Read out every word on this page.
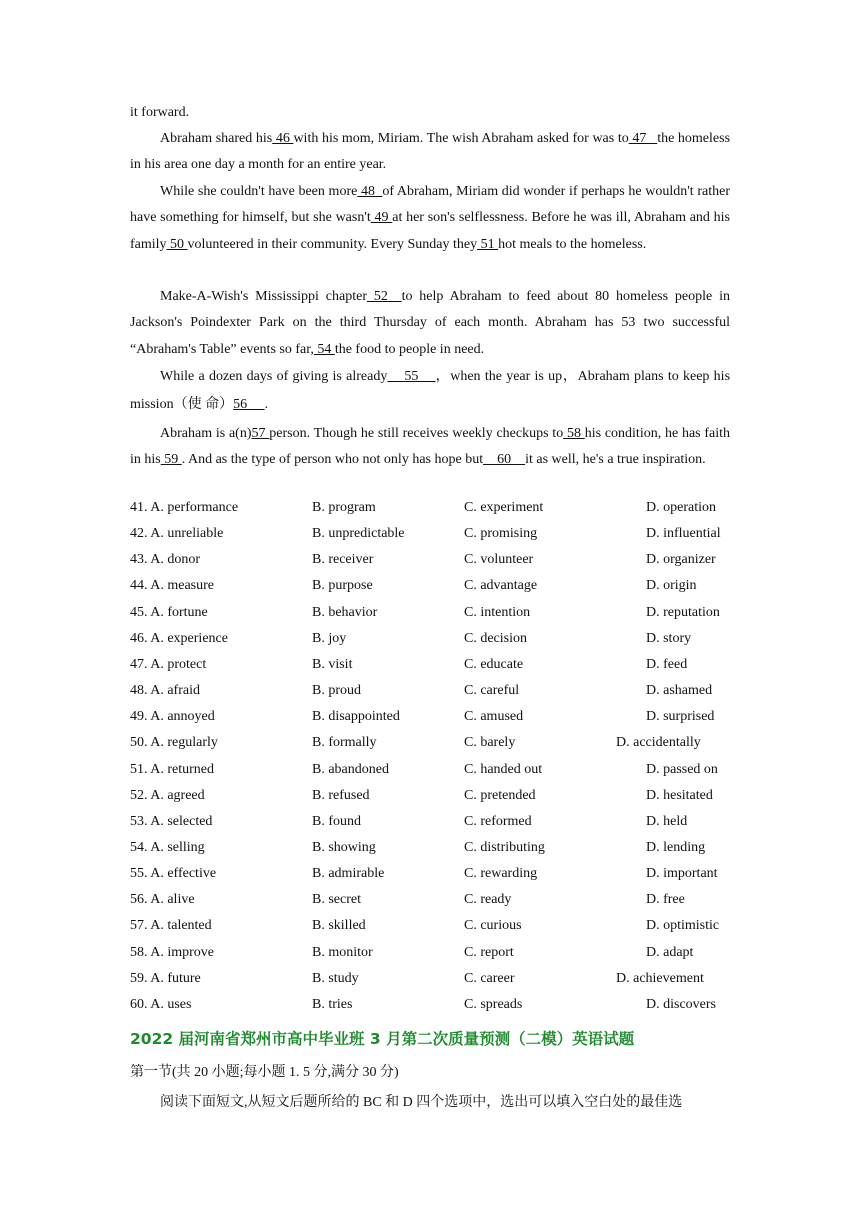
it forward.
Abraham shared his 46 with his mom, Miriam. The wish Abraham asked for was to 47   the homeless in his area one day a month for an entire year.
While she couldn't have been more 48  of Abraham, Miriam did wonder if perhaps he wouldn't rather have something for himself, but she wasn't 49 at her son's selflessness. Before he was ill, Abraham and his family 50 volunteered in their community. Every Sunday they 51 hot meals to the homeless.
Make-A-Wish's Mississippi chapter 52  to help Abraham to feed about 80 homeless people in Jackson's Poindexter Park on the third Thursday of each month. Abraham has 53 two successful “Abraham's Table” events so far, 54 the food to people in need.
While a dozen days of giving is already    55    ，when the year is up，Abraham plans to keep his mission（使 命）56     .
Abraham is a(n)57 person. Though he still receives weekly checkups to 58 his condition, he has faith in his 59 . And as the type of person who not only has hope but    60    it as well, he's a true inspiration.
41. A. performance	B. program	C. experiment	D. operation
42. A. unreliable	B. unpredictable	C. promising	D. influential
43. A. donor	B. receiver	C. volunteer	D. organizer
44. A. measure	B. purpose	C. advantage	D. origin
45. A. fortune	B. behavior	C. intention	D. reputation
46. A. experience	B. joy	C. decision	D. story
47. A. protect	B. visit	C. educate	D. feed
48. A. afraid	B. proud	C. careful	D. ashamed
49. A. annoyed	B. disappointed	C. amused	D. surprised
50. A. regularly	B. formally	C. barely	D. accidentally
51. A. returned	B. abandoned	C. handed out	D. passed on
52. A. agreed	B. refused	C. pretended	D. hesitated
53. A. selected	B. found	C. reformed	D. held
54. A. selling	B. showing	C. distributing	D. lending
55. A. effective	B. admirable	C. rewarding	D. important
56. A. alive	B. secret	C. ready	D. free
57. A. talented	B. skilled	C. curious	D. optimistic
58. A. improve	B. monitor	C. report	D. adapt
59. A. future	B. study	C. career	D. achievement
60. A. uses	B. tries	C. spreads	D. discovers
2022 届河南省郑州市高中毕业班 3 月第二次质量预测（二模）英语试题
第一节(共 20 小题;每小题 1. 5 分,满分 30 分)
阅读下面短文,从短文后题所给的 BC 和 D 四个选项中，选出可以填入空白处的最佳选
